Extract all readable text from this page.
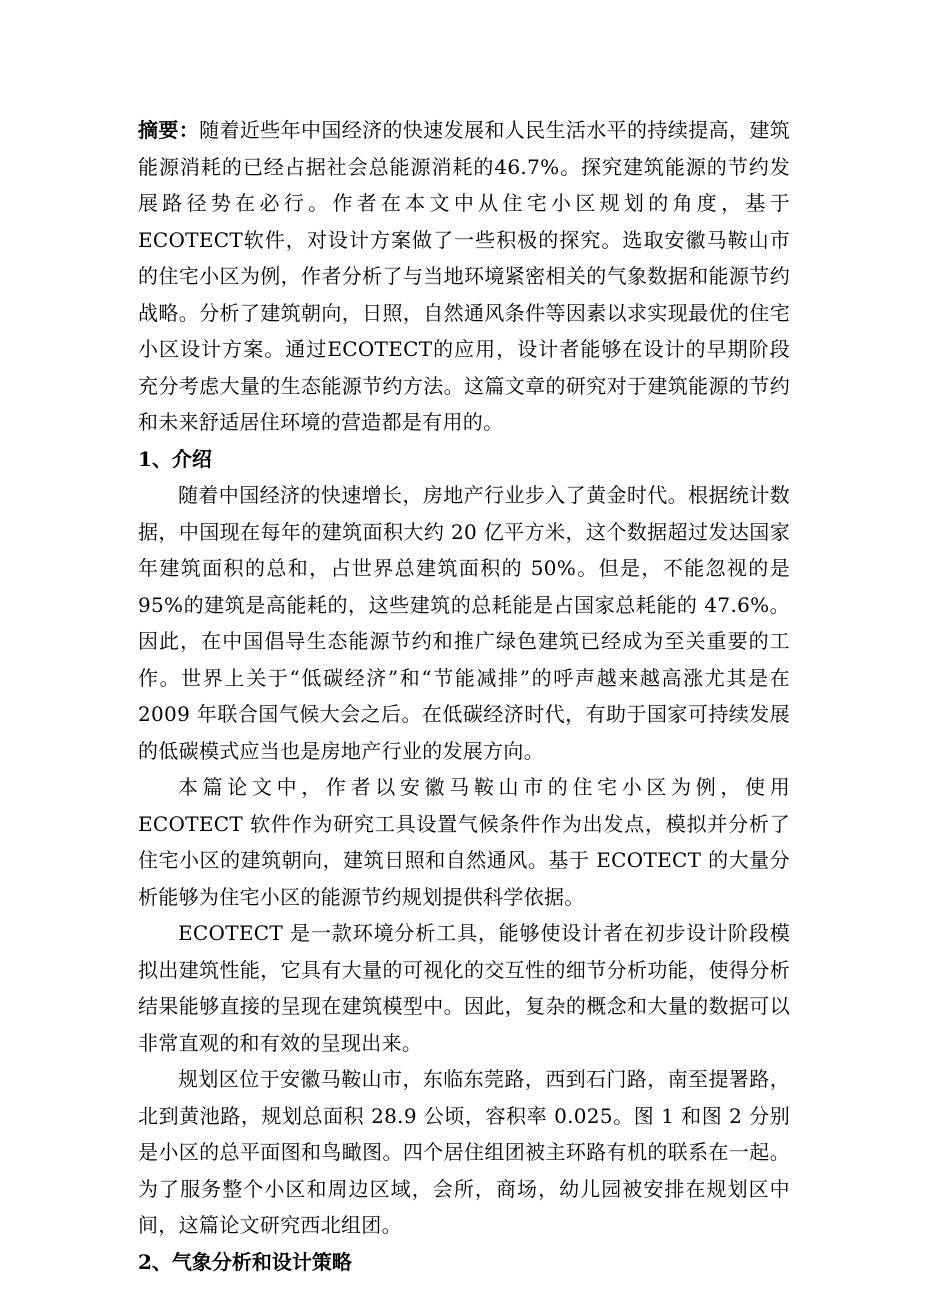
摘要：随着近些年中国经济的快速发展和人民生活水平的持续提高，建筑能源消耗的已经占据社会总能源消耗的46.7%。探究建筑能源的节约发展路径势在必行。作者在本文中从住宅小区规划的角度，基于ECOTECT软件，对设计方案做了一些积极的探究。选取安徽马鞍山市的住宅小区为例，作者分析了与当地环境紧密相关的气象数据和能源节约战略。分析了建筑朝向，日照，自然通风条件等因素以求实现最优的住宅小区设计方案。通过ECOTECT的应用，设计者能够在设计的早期阶段充分考虑大量的生态能源节约方法。这篇文章的研究对于建筑能源的节约和未来舒适居住环境的营造都是有用的。

1、介绍

随着中国经济的快速增长，房地产行业步入了黄金时代。根据统计数据，中国现在每年的建筑面积大约 20 亿平方米，这个数据超过发达国家年建筑面积的总和，占世界总建筑面积的 50%。但是，不能忽视的是 95%的建筑是高能耗的，这些建筑的总耗能是占国家总耗能的 47.6%。因此，在中国倡导生态能源节约和推广绿色建筑已经成为至关重要的工作。世界上关于“低碳经济”和“节能减排”的呼声越来越高涨尤其是在 2009 年联合国气候大会之后。在低碳经济时代，有助于国家可持续发展的低碳模式应当也是房地产行业的发展方向。

本篇论文中，作者以安徽马鞍山市的住宅小区为例，使用 ECOTECT 软件作为研究工具设置气候条件作为出发点，模拟并分析了住宅小区的建筑朝向，建筑日照和自然通风。基于 ECOTECT 的大量分析能够为住宅小区的能源节约规划提供科学依据。

ECOTECT 是一款环境分析工具，能够使设计者在初步设计阶段模拟出建筑性能，它具有大量的可视化的交互性的细节分析功能，使得分析结果能够直接的呈现在建筑模型中。因此，复杂的概念和大量的数据可以非常直观的和有效的呈现出来。

规划区位于安徽马鞍山市，东临东莞路，西到石门路，南至提署路，北到黄池路，规划总面积 28.9 公顷，容积率 0.025。图 1 和图 2 分别是小区的总平面图和鸟瞰图。四个居住组团被主环路有机的联系在一起。为了服务整个小区和周边区域，会所，商场，幼儿园被安排在规划区中间，这篇论文研究西北组团。

2、气象分析和设计策略
